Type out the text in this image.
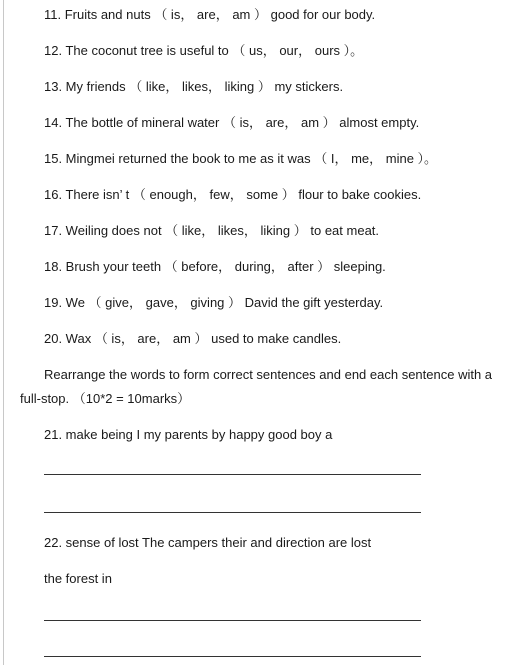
11. Fruits and nuts （ is， are， am ） good for our body.
12. The coconut tree is useful to （ us， our， ours ）。
13. My friends （ like， likes， liking ） my stickers.
14. The bottle of mineral water （ is， are， am ） almost empty.
15. Mingmei returned the book to me as it was （ I， me， mine ）。
16. There isn’ t （ enough， few， some ） flour to bake cookies.
17. Weiling does not （ like， likes， liking ） to eat meat.
18. Brush your teeth （ before， during， after ） sleeping.
19. We （ give， gave， giving ） David the gift yesterday.
20. Wax （ is， are， am ） used to make candles.
Rearrange the words to form correct sentences and end each sentence with a full-stop. （10*2 = 10marks）
21. make being I my parents by happy good boy a
22. sense of lost The campers their and direction are lost
the forest in
